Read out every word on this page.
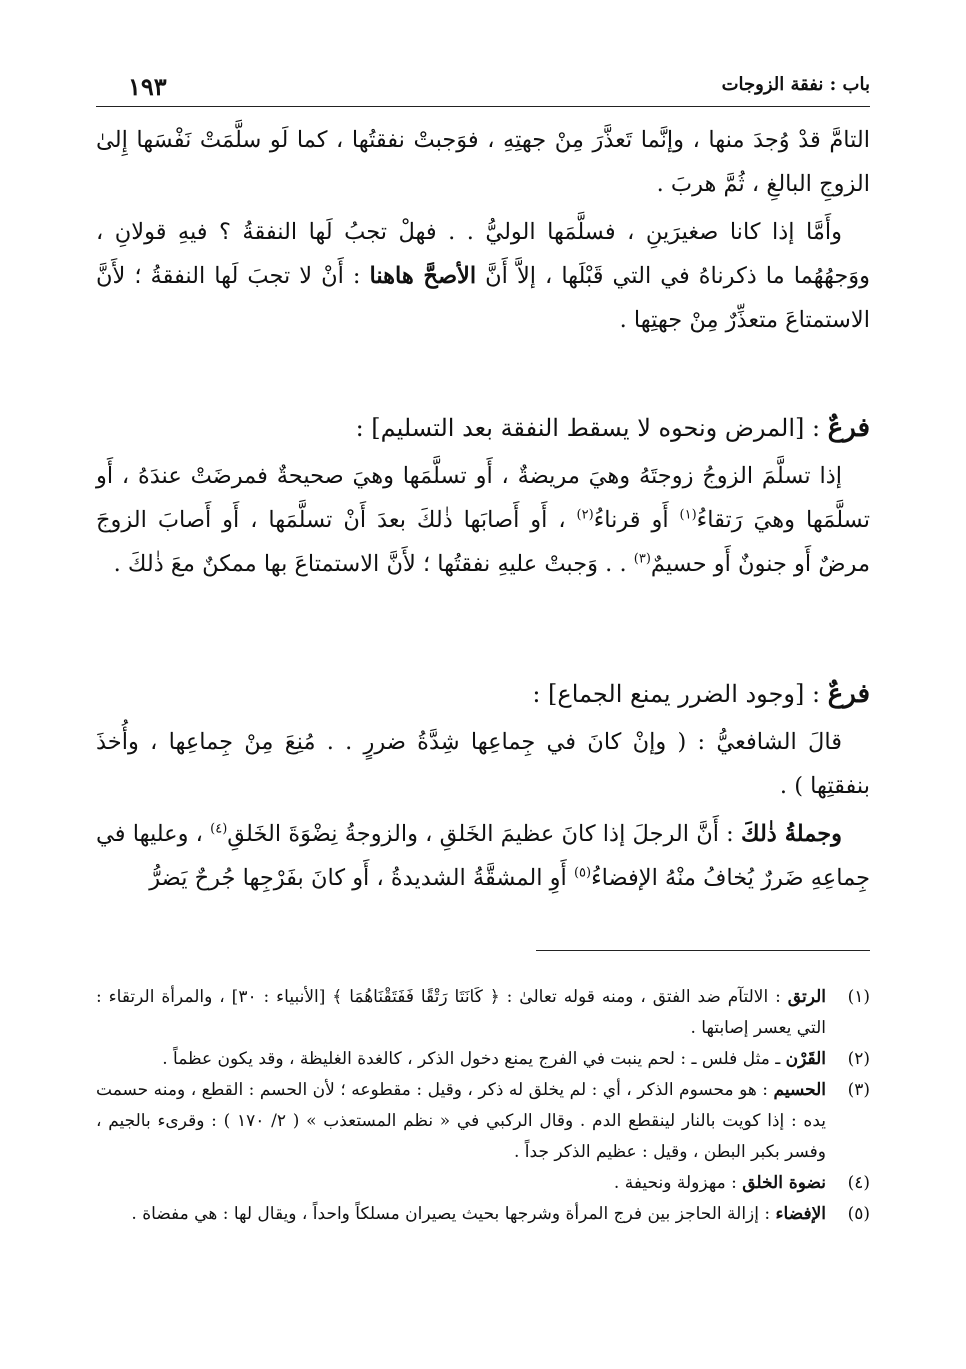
١٩٣	باب : نفقة الزوجات

التامَّ قدْ وُجدَ منها ، وإنَّما تَعذَّرَ مِنْ جهتِهِ ، فوَجبتْ نفقتُها ، كما لَو سلَّمَتْ نَفْسَها إِلىٰ الزوجِ البالغِ ، ثُمَّ هربَ .

وأَمَّا إذا كانا صغيرَينِ ، فسلَّمَها الوليُّ . . فهلْ تجبُ لَها النفقةُ ؟ فيهِ قولانِ ، ووَجهُهُما ما ذكرناهُ في التي قَبْلَها ، إلاَّ أَنَّ الأصحَّ هاهنا : أَنْ لا تجبَ لَها النفقةُ ؛ لأَنَّ الاستمتاعَ متعذِّرٌ مِنْ جهتِها .

فرعٌ : [المرض ونحوه لا يسقط النفقة بعد التسليم] :

إذا تسلَّمَ الزوجُ زوجتَهُ وهيَ مريضةٌ ، أَو تسلَّمَها وهيَ صحيحةٌ فمرضَتْ عندَهُ ، أَو تسلَّمَها وهيَ رَتقاءُ$^{(١)}$ أَو قرناءُ$^{(٢)}$ ، أَو أَصابَها ذٰلكَ بعدَ أَنْ تسلَّمَها ، أَو أَصابَ الزوجَ مرضٌ أَو جنونٌ أَو حسيمٌ$^{(٣)}$ . . وَجبتْ عليهِ نفقتُها ؛ لأَنَّ الاستمتاعَ بها ممكنٌ معَ ذٰلكَ .

فرعٌ : [وجود الضرر يمنع الجماع] :

قالَ الشافعيُّ : ( وإنْ كانَ في جِماعِها شِدَّةُ ضررٍ . . مُنِعَ مِنْ جِماعِها ، وأُخذَ بنفقتِها ) .

وجملةُ ذٰلكَ : أَنَّ الرجلَ إذا كانَ عظيمَ الخَلقِ ، والزوجةُ نِضْوَةَ الخَلقِ$^{(٤)}$ ، وعليها في جِماعِهِ ضَررٌ يُخافُ منْهُ الإفضاءُ$^{(٥)}$ أَوِ المشقَّةُ الشديدةُ ، أَو كانَ بفَرْجِها جُرحٌ يَضرُّ

(١)
الرتق : الالتآم ضد الفتق ، ومنه قوله تعالىٰ : ﴿ كَانَتَا رَتْقًا فَفَتَقْنَاهُمَا ﴾ [الأنبياء : ٣٠] ، والمرأة الرتقاء : التي يعسر إصابتها .
(٢)
القَرْن ـ مثل فلس ـ : لحم ينبت في الفرج يمنع دخول الذكر ، كالغدة الغليظة ، وقد يكون عظماً .
(٣)
الحسيم : هو محسوم الذكر ، أي : لم يخلق له ذكر ، وقيل : مقطوعه ؛ لأن الحسم : القطع ، ومنه حسمت يده : إذا كويت بالنار لينقطع الدم . وقال الركبي في « نظم المستعذب » ( ٢/ ١٧٠ ) : وقرىء بالجيم ، وفسر بكبر البطن ، وقيل : عظيم الذكر جداً .
(٤)
نضوة الخلق : مهزولة ونحيفة .
(٥)
الإفضاء : إزالة الحاجز بين فرج المرأة وشرجها بحيث يصيران مسلكاً واحداً ، ويقال لها : هي مفضاة .
